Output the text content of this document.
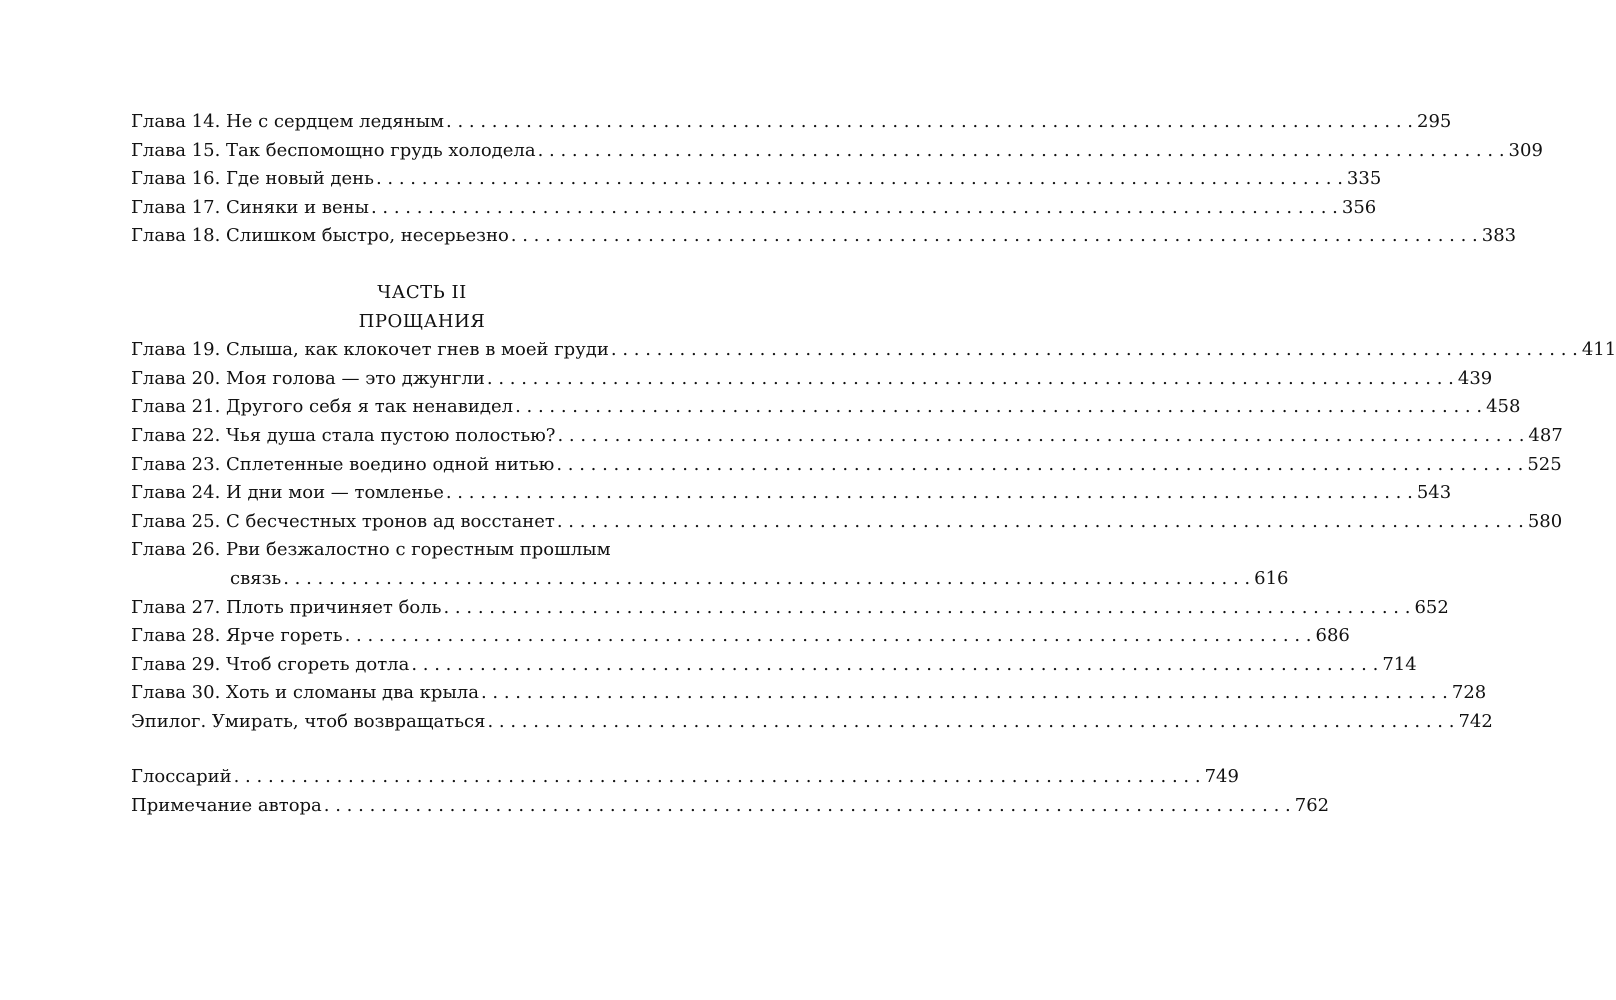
Глава 14. Не с сердцем ледяным . . .	295
Глава 15. Так беспомощно грудь холодела . . .	309
Глава 16. Где новый день . . .	335
Глава 17. Синяки и вены . . .	356
Глава 18. Слишком быстро, несерьезно . . .	383
ЧАСТЬ II
ПРОЩАНИЯ
Глава 19. Слыша, как клокочет гнев в моей груди . . .	411
Глава 20. Моя голова — это джунгли . . .	439
Глава 21. Другого себя я так ненавидел . . .	458
Глава 22. Чья душа стала пустою полостью? . . .	487
Глава 23. Сплетенные воедино одной нитью . . .	525
Глава 24. И дни мои — томленье . . .	543
Глава 25. С бесчестных тронов ад восстанет . . .	580
Глава 26. Рви безжалостно с горестным прошлым
связь . . .	616
Глава 27. Плоть причиняет боль . . .	652
Глава 28. Ярче гореть . . .	686
Глава 29. Чтоб сгореть дотла . . .	714
Глава 30. Хоть и сломаны два крыла . . .	728
Эпилог. Умирать, чтоб возвращаться . . .	742
Глоссарий . . .	749
Примечание автора . . .	762
